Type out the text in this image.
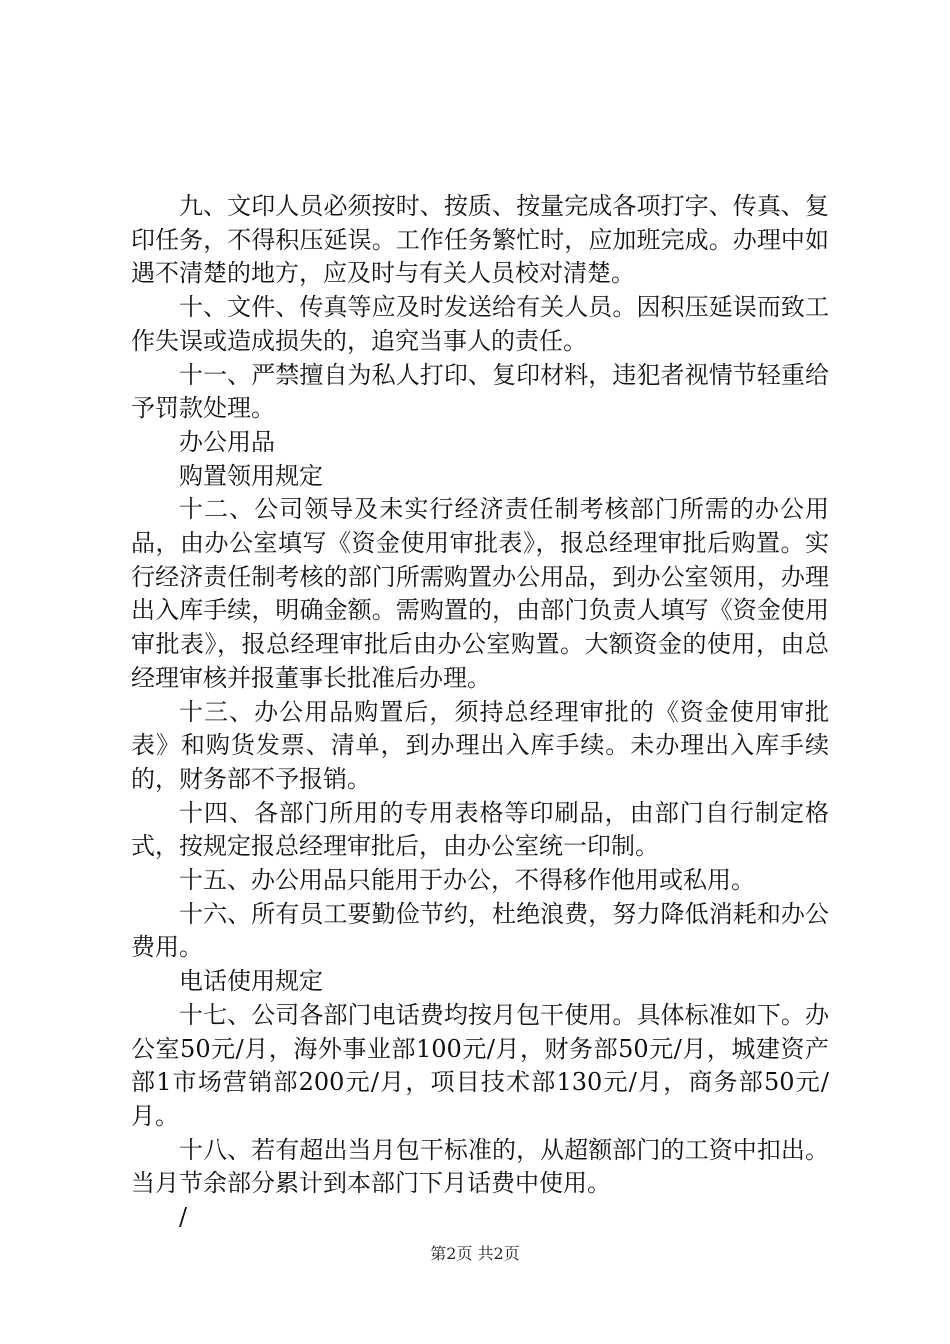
九、文印人员必须按时、按质、按量完成各项打字、传真、复印任务，不得积压延误。工作任务繁忙时，应加班完成。办理中如遇不清楚的地方，应及时与有关人员校对清楚。

十、文件、传真等应及时发送给有关人员。因积压延误而致工作失误或造成损失的，追究当事人的责任。

十一、严禁擅自为私人打印、复印材料，违犯者视情节轻重给予罚款处理。

办公用品

购置领用规定

十二、公司领导及未实行经济责任制考核部门所需的办公用品，由办公室填写《资金使用审批表》，报总经理审批后购置。实行经济责任制考核的部门所需购置办公用品，到办公室领用，办理出入库手续，明确金额。需购置的，由部门负责人填写《资金使用审批表》，报总经理审批后由办公室购置。大额资金的使用，由总经理审核并报董事长批准后办理。

十三、办公用品购置后，须持总经理审批的《资金使用审批表》和购货发票、清单，到办理出入库手续。未办理出入库手续的，财务部不予报销。

十四、各部门所用的专用表格等印刷品，由部门自行制定格式，按规定报总经理审批后，由办公室统一印制。

十五、办公用品只能用于办公，不得移作他用或私用。

十六、所有员工要勤俭节约，杜绝浪费，努力降低消耗和办公费用。

电话使用规定

十七、公司各部门电话费均按月包干使用。具体标准如下。办公室50元/月，海外事业部100元/月，财务部50元/月，城建资产部1市场营销部200元/月，项目技术部130元/月，商务部50元/月。

十八、若有超出当月包干标准的，从超额部门的工资中扣出。当月节余部分累计到本部门下月话费中使用。

/

第2页 共2页
